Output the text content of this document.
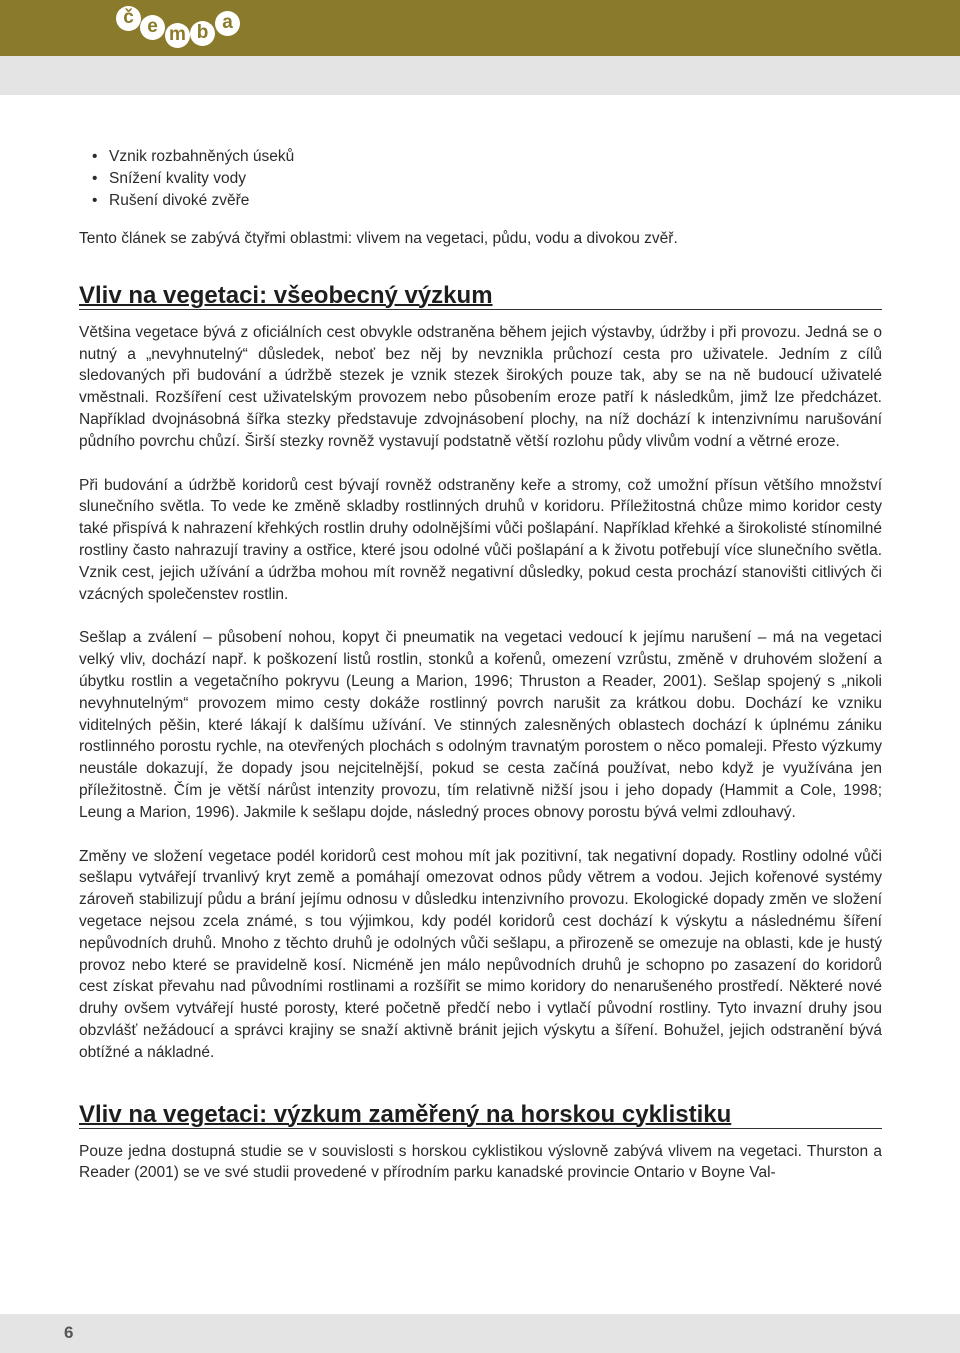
č e m b a
• Vznik rozbahněných úseků
• Snížení kvality vody
• Rušení divoké zvěře

Tento článek se zabývá čtyřmi oblastmi: vlivem na vegetaci, půdu, vodu a divokou zvěř.

Vliv na vegetaci: všeobecný výzkum

Většina vegetace bývá z oficiálních cest obvykle odstraněna během jejich výstavby, údržby i při provozu. Jedná se o nutný a „nevyhnutelný“ důsledek, neboť bez něj by nevznikla průchozí cesta pro uživatele. Jedním z cílů sledovaných při budování a údržbě stezek je vznik stezek širokých pouze tak, aby se na ně budoucí uživatelé vměstnali. Rozšíření cest uživatelským provozem nebo působením eroze patří k následkům, jimž lze předcházet. Například dvojnásobná šířka stezky představuje zdvojnásobení plochy, na níž dochází k intenzivnímu narušování půdního povrchu chůzí. Širší stezky rovněž vystavují podstatně větší rozlohu půdy vlivům vodní a větrné eroze.

Při budování a údržbě koridorů cest bývají rovněž odstraněny keře a stromy, což umožní přísun většího množství slunečního světla. To vede ke změně skladby rostlinných druhů v koridoru. Příležitostná chůze mimo koridor cesty také přispívá k nahrazení křehkých rostlin druhy odolnějšími vůči pošlapání. Například křehké a širokolisté stínomilné rostliny často nahrazují traviny a ostřice, které jsou odolné vůči pošlapání a k životu potřebují více slunečního světla. Vznik cest, jejich užívání a údržba mohou mít rovněž negativní důsledky, pokud cesta prochází stanovišti citlivých či vzácných společenstev rostlin.

Sešlap a zválení – působení nohou, kopyt či pneumatik na vegetaci vedoucí k jejímu narušení – má na vegetaci velký vliv, dochází např. k poškození listů rostlin, stonků a kořenů, omezení vzrůstu, změně v druhovém složení a úbytku rostlin a vegetačního pokryvu (Leung a Marion, 1996; Thruston a Reader, 2001). Sešlap spojený s „nikoli nevyhnutelným“ provozem mimo cesty dokáže rostlinný povrch narušit za krátkou dobu. Dochází ke vzniku viditelných pěšin, které lákají k dalšímu užívání. Ve stinných zalesněných oblastech dochází k úplnému zániku rostlinného porostu rychle, na otevřených plochách s odolným travnatým porostem o něco pomaleji. Přesto výzkumy neustále dokazují, že dopady jsou nejcitelnější, pokud se cesta začíná používat, nebo když je využívána jen příležitostně. Čím je větší nárůst intenzity provozu, tím relativně nižší jsou i jeho dopady (Hammit a Cole, 1998; Leung a Marion, 1996). Jakmile k sešlapu dojde, následný proces obnovy porostu bývá velmi zdlouhavý.

Změny ve složení vegetace podél koridorů cest mohou mít jak pozitivní, tak negativní dopady. Rostliny odolné vůči sešlapu vytvářejí trvanlivý kryt země a pomáhají omezovat odnos půdy větrem a vodou. Jejich kořenové systémy zároveň stabilizují půdu a brání jejímu odnosu v důsledku intenzivního provozu. Ekologické dopady změn ve složení vegetace nejsou zcela známé, s tou výjimkou, kdy podél koridorů cest dochází k výskytu a následnému šíření nepůvodních druhů. Mnoho z těchto druhů je odolných vůči sešlapu, a přirozeně se omezuje na oblasti, kde je hustý provoz nebo které se pravidelně kosí. Nicméně jen málo nepůvodních druhů je schopno po zasazení do koridorů cest získat převahu nad původními rostlinami a rozšířit se mimo koridory do nenarušeného prostředí. Některé nové druhy ovšem vytvářejí husté porosty, které početně předčí nebo i vytlačí původní rostliny. Tyto invazní druhy jsou obzvlášť nežádoucí a správci krajiny se snaží aktivně bránit jejich výskytu a šíření. Bohužel, jejich odstranění bývá obtížné a nákladné.

Vliv na vegetaci: výzkum zaměřený na horskou cyklistiku

Pouze jedna dostupná studie se v souvislosti s horskou cyklistikou výslovně zabývá vlivem na vegetaci. Thurston a Reader (2001) se ve své studii provedené v přírodním parku kanadské provincie Ontario v Boyne Val-

6
